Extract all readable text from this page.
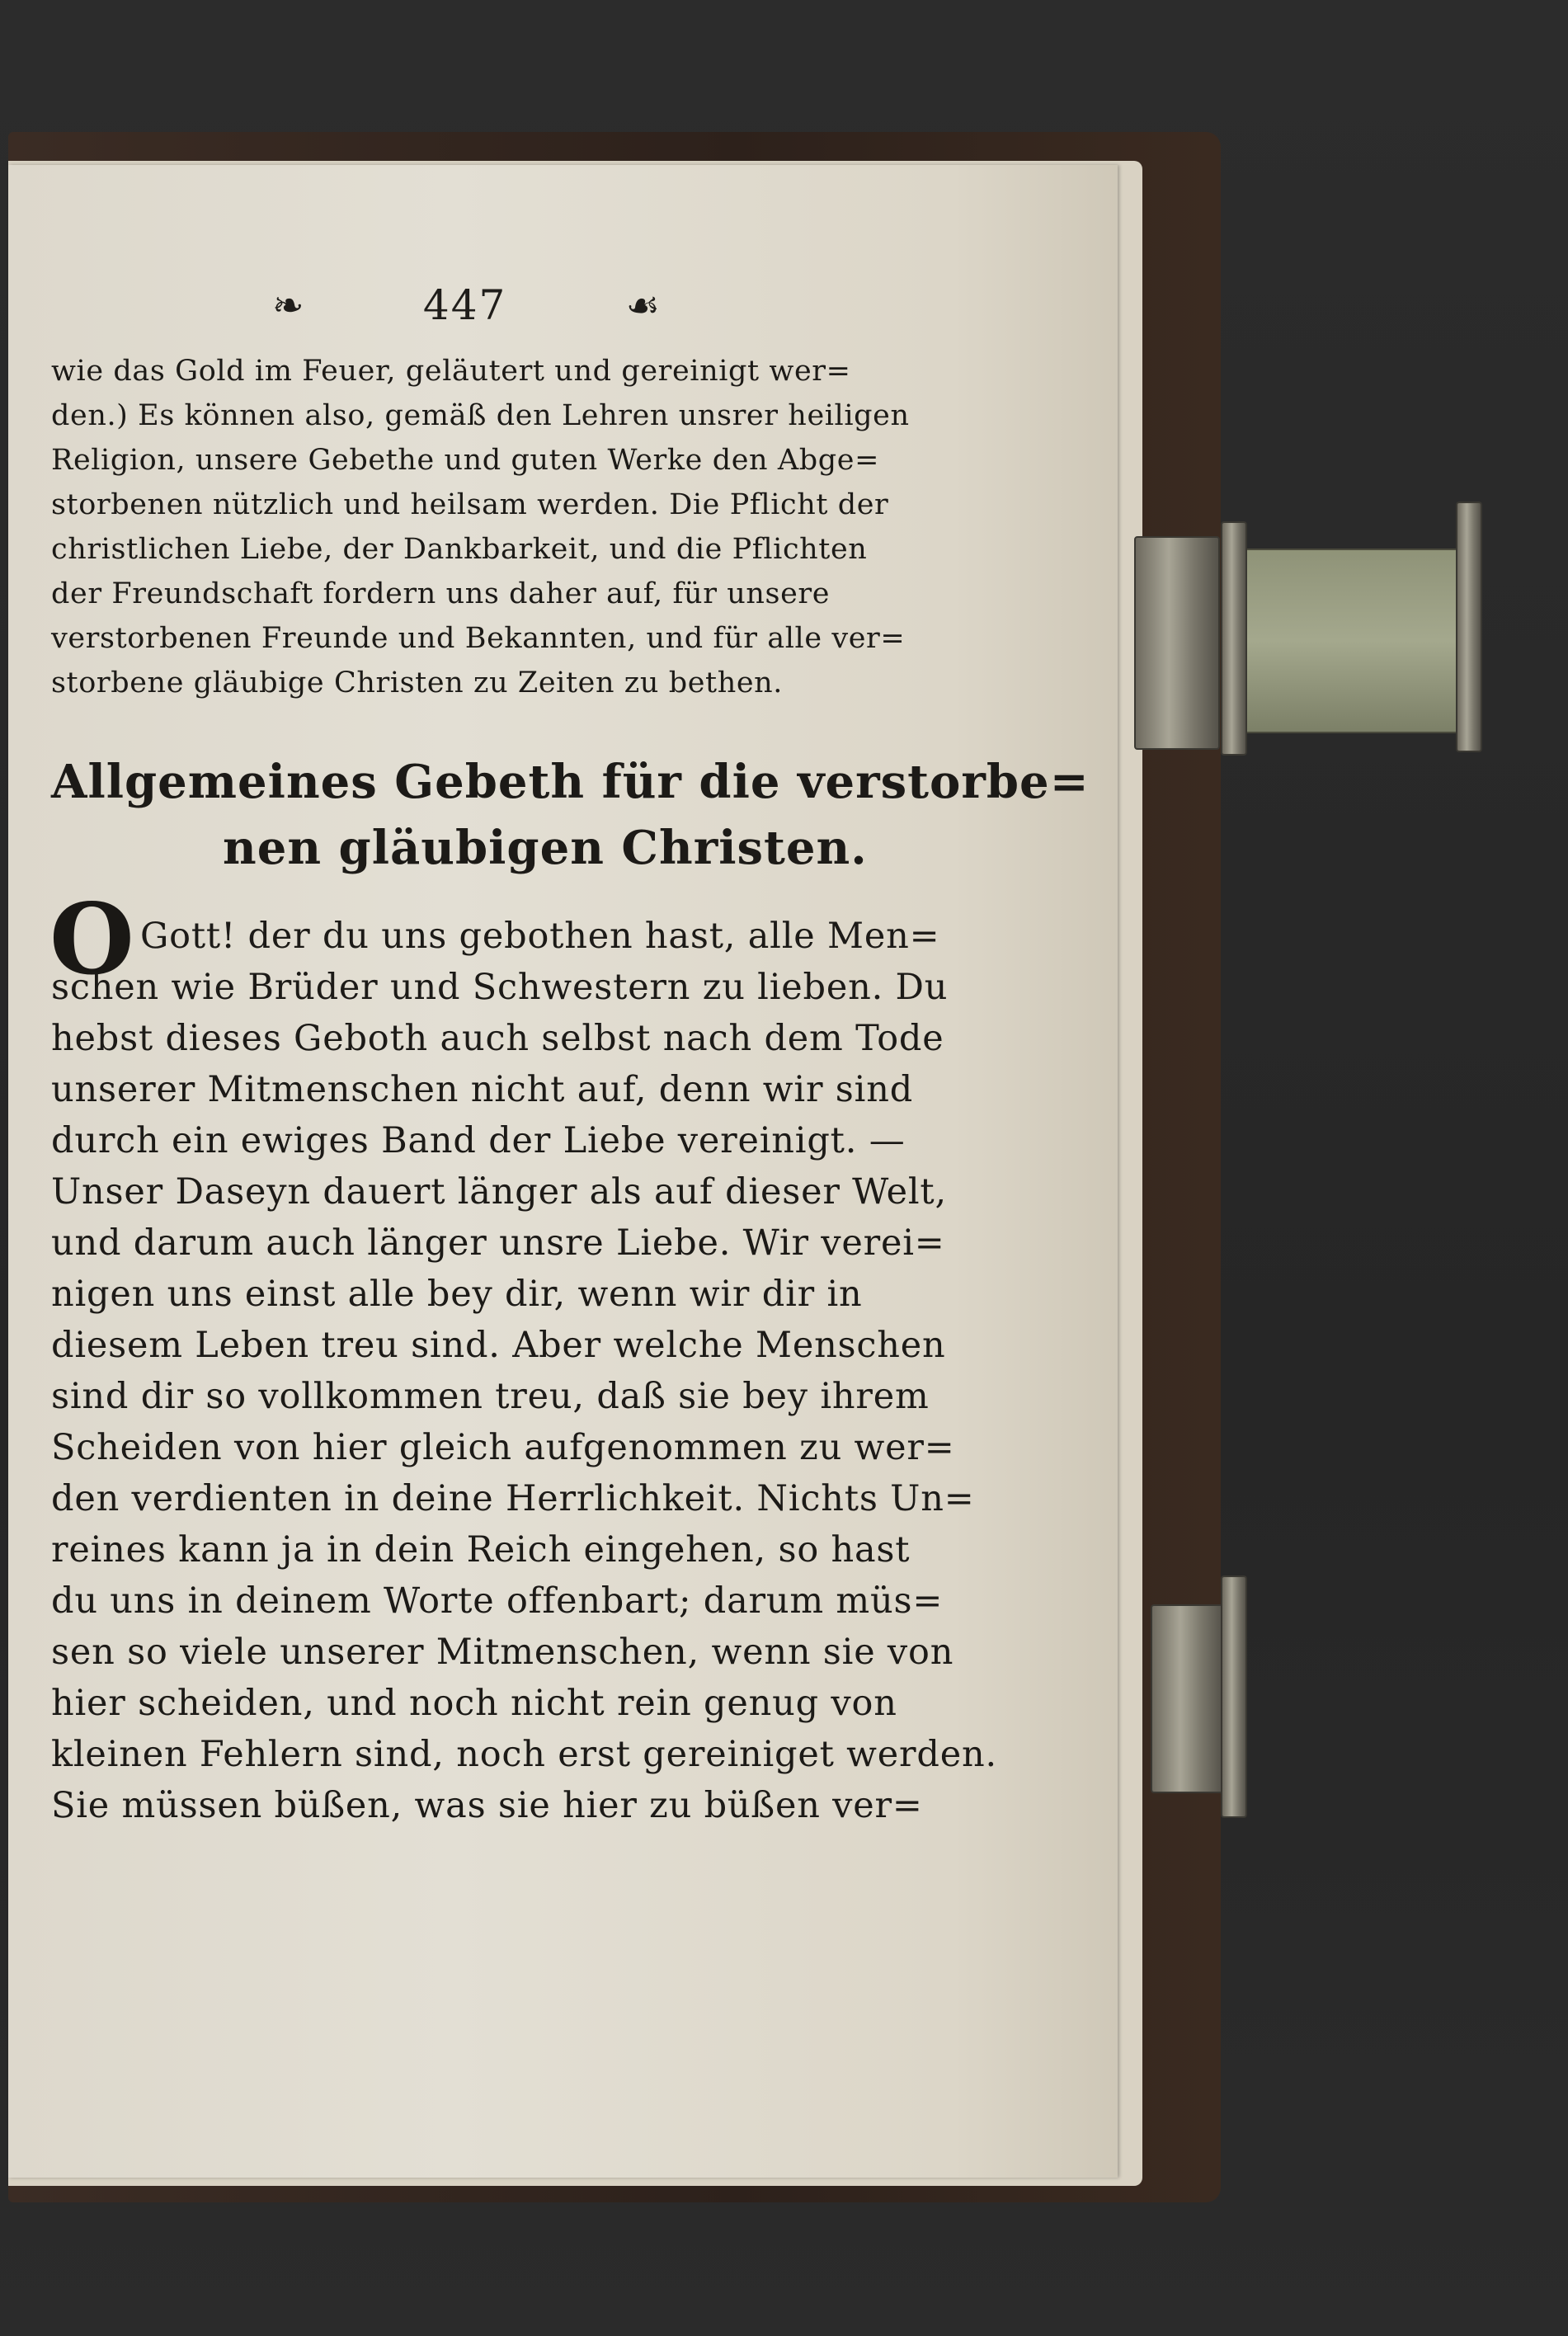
❧	447	☙
wie das Gold im Feuer, geläutert und gereinigt wer=
den.) Es können also, gemäß den Lehren unsrer heiligen
Religion, unsere Gebethe und guten Werke den Abge=
storbenen nützlich und heilsam werden. Die Pflicht der
christlichen Liebe, der Dankbarkeit, und die Pflichten
der Freundschaft fordern uns daher auf, für unsere
verstorbenen Freunde und Bekannten, und für alle ver=
storbene gläubige Christen zu Zeiten zu bethen.
Allgemeines Gebeth für die verstorbe=
nen gläubigen Christen.
O Gott! der du uns gebothen hast, alle Men=
schen wie Brüder und Schwestern zu lieben. Du
hebst dieses Geboth auch selbst nach dem Tode
unserer Mitmenschen nicht auf, denn wir sind
durch ein ewiges Band der Liebe vereinigt. —
Unser Daseyn dauert länger als auf dieser Welt,
und darum auch länger unsre Liebe. Wir verei=
nigen uns einst alle bey dir, wenn wir dir in
diesem Leben treu sind. Aber welche Menschen
sind dir so vollkommen treu, daß sie bey ihrem
Scheiden von hier gleich aufgenommen zu wer=
den verdienten in deine Herrlichkeit. Nichts Un=
reines kann ja in dein Reich eingehen, so hast
du uns in deinem Worte offenbart; darum müs=
sen so viele unserer Mitmenschen, wenn sie von
hier scheiden, und noch nicht rein genug von
kleinen Fehlern sind, noch erst gereiniget werden.
Sie müssen büßen, was sie hier zu büßen ver=
